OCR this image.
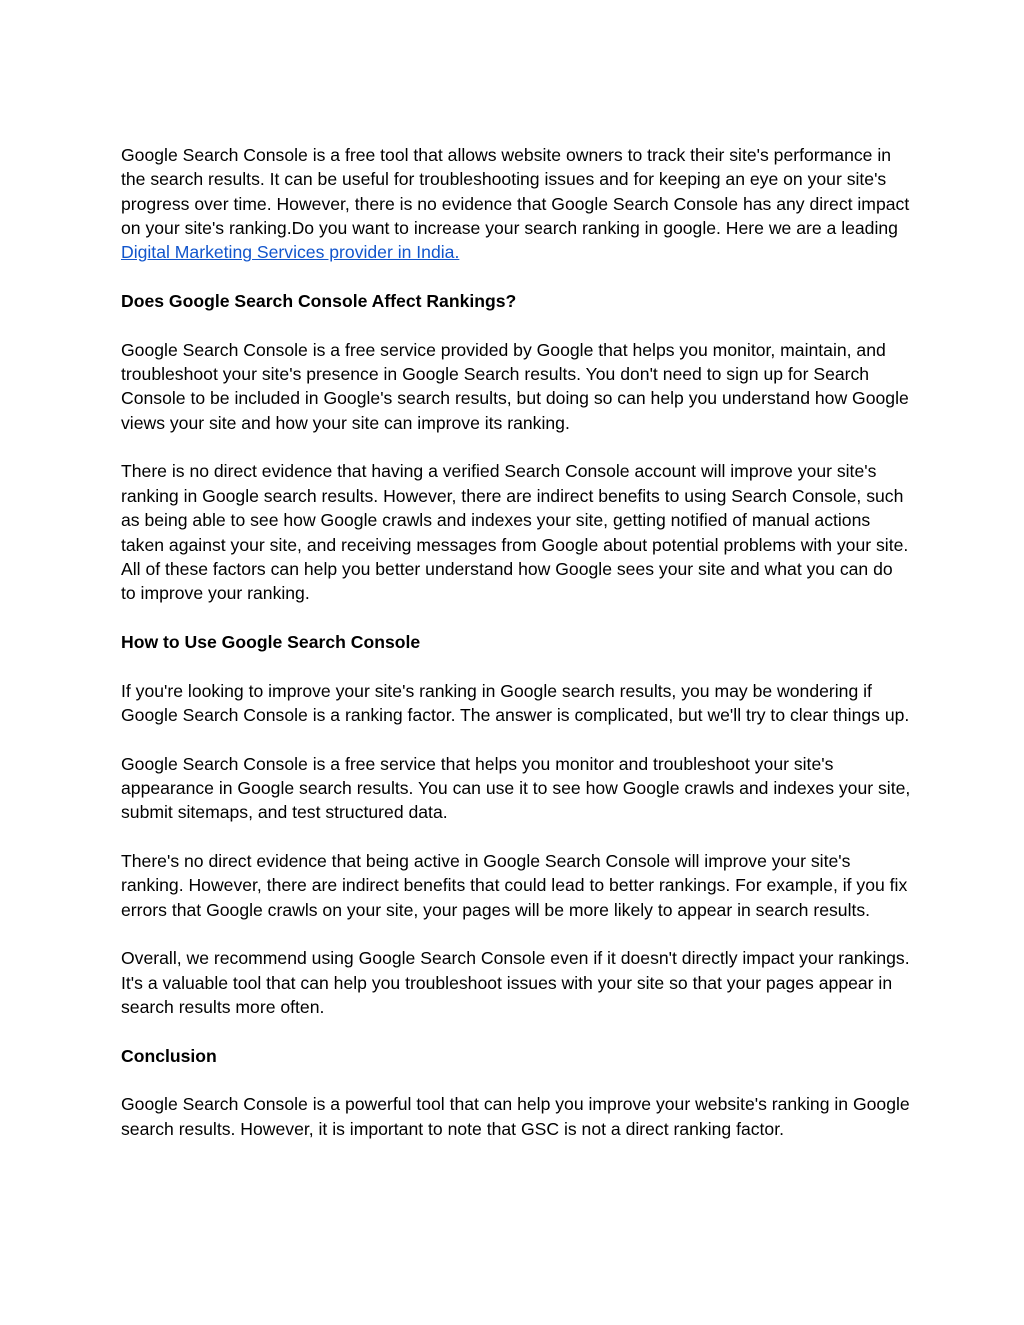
Google Search Console is a free tool that allows website owners to track their site's performance in the search results. It can be useful for troubleshooting issues and for keeping an eye on your site's progress over time. However, there is no evidence that Google Search Console has any direct impact on your site's ranking.Do you want to increase your search ranking in google. Here we are a leading Digital Marketing Services provider in India.

Does Google Search Console Affect Rankings?

Google Search Console is a free service provided by Google that helps you monitor, maintain, and troubleshoot your site's presence in Google Search results. You don't need to sign up for Search Console to be included in Google's search results, but doing so can help you understand how Google views your site and how your site can improve its ranking.

There is no direct evidence that having a verified Search Console account will improve your site's ranking in Google search results. However, there are indirect benefits to using Search Console, such as being able to see how Google crawls and indexes your site, getting notified of manual actions taken against your site, and receiving messages from Google about potential problems with your site. All of these factors can help you better understand how Google sees your site and what you can do to improve your ranking.

How to Use Google Search Console

If you're looking to improve your site's ranking in Google search results, you may be wondering if Google Search Console is a ranking factor. The answer is complicated, but we'll try to clear things up.

Google Search Console is a free service that helps you monitor and troubleshoot your site's appearance in Google search results. You can use it to see how Google crawls and indexes your site, submit sitemaps, and test structured data.

There's no direct evidence that being active in Google Search Console will improve your site's ranking. However, there are indirect benefits that could lead to better rankings. For example, if you fix errors that Google crawls on your site, your pages will be more likely to appear in search results.

Overall, we recommend using Google Search Console even if it doesn't directly impact your rankings. It's a valuable tool that can help you troubleshoot issues with your site so that your pages appear in search results more often.

Conclusion

Google Search Console is a powerful tool that can help you improve your website's ranking in Google search results. However, it is important to note that GSC is not a direct ranking factor.
